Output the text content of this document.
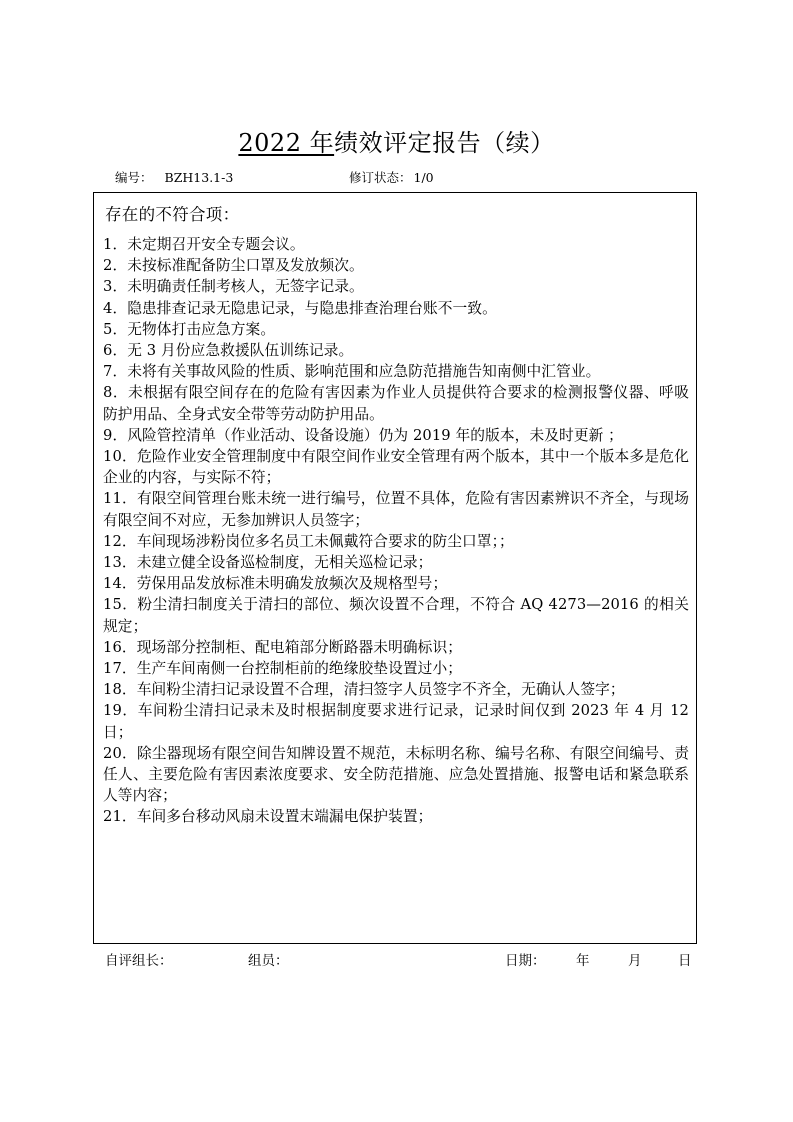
2022 年绩效评定报告（续）
编号： BZH13.1-3	修订状态： 1/0
存在的不符合项：
1．未定期召开安全专题会议。
2．未按标准配备防尘口罩及发放频次。
3．未明确责任制考核人，无签字记录。
4．隐患排查记录无隐患记录，与隐患排查治理台账不一致。
5．无物体打击应急方案。
6．无 3 月份应急救援队伍训练记录。
7．未将有关事故风险的性质、影响范围和应急防范措施告知南侧中汇管业。
8．未根据有限空间存在的危险有害因素为作业人员提供符合要求的检测报警仪器、呼吸防护用品、全身式安全带等劳动防护用品。
9．风险管控清单（作业活动、设备设施）仍为 2019 年的版本，未及时更新 ；
10．危险作业安全管理制度中有限空间作业安全管理有两个版本，其中一个版本多是危化企业的内容，与实际不符；
11．有限空间管理台账未统一进行编号，位置不具体，危险有害因素辨识不齐全，与现场有限空间不对应，无参加辨识人员签字；
12．车间现场涉粉岗位多名员工未佩戴符合要求的防尘口罩；；
13．未建立健全设备巡检制度，无相关巡检记录；
14．劳保用品发放标准未明确发放频次及规格型号；
15．粉尘清扫制度关于清扫的部位、频次设置不合理，不符合 AQ 4273—2016 的相关规定；
16．现场部分控制柜、配电箱部分断路器未明确标识；
17．生产车间南侧一台控制柜前的绝缘胶垫设置过小；
18．车间粉尘清扫记录设置不合理，清扫签字人员签字不齐全，无确认人签字；
19．车间粉尘清扫记录未及时根据制度要求进行记录，记录时间仅到 2023 年 4 月 12 日；
20．除尘器现场有限空间告知牌设置不规范，未标明名称、编号名称、有限空间编号、责任人、主要危险有害因素浓度要求、安全防范措施、应急处置措施、报警电话和紧急联系人等内容；
21．车间多台移动风扇未设置末端漏电保护装置；
自评组长：	组员：	日期： 年	月	日
